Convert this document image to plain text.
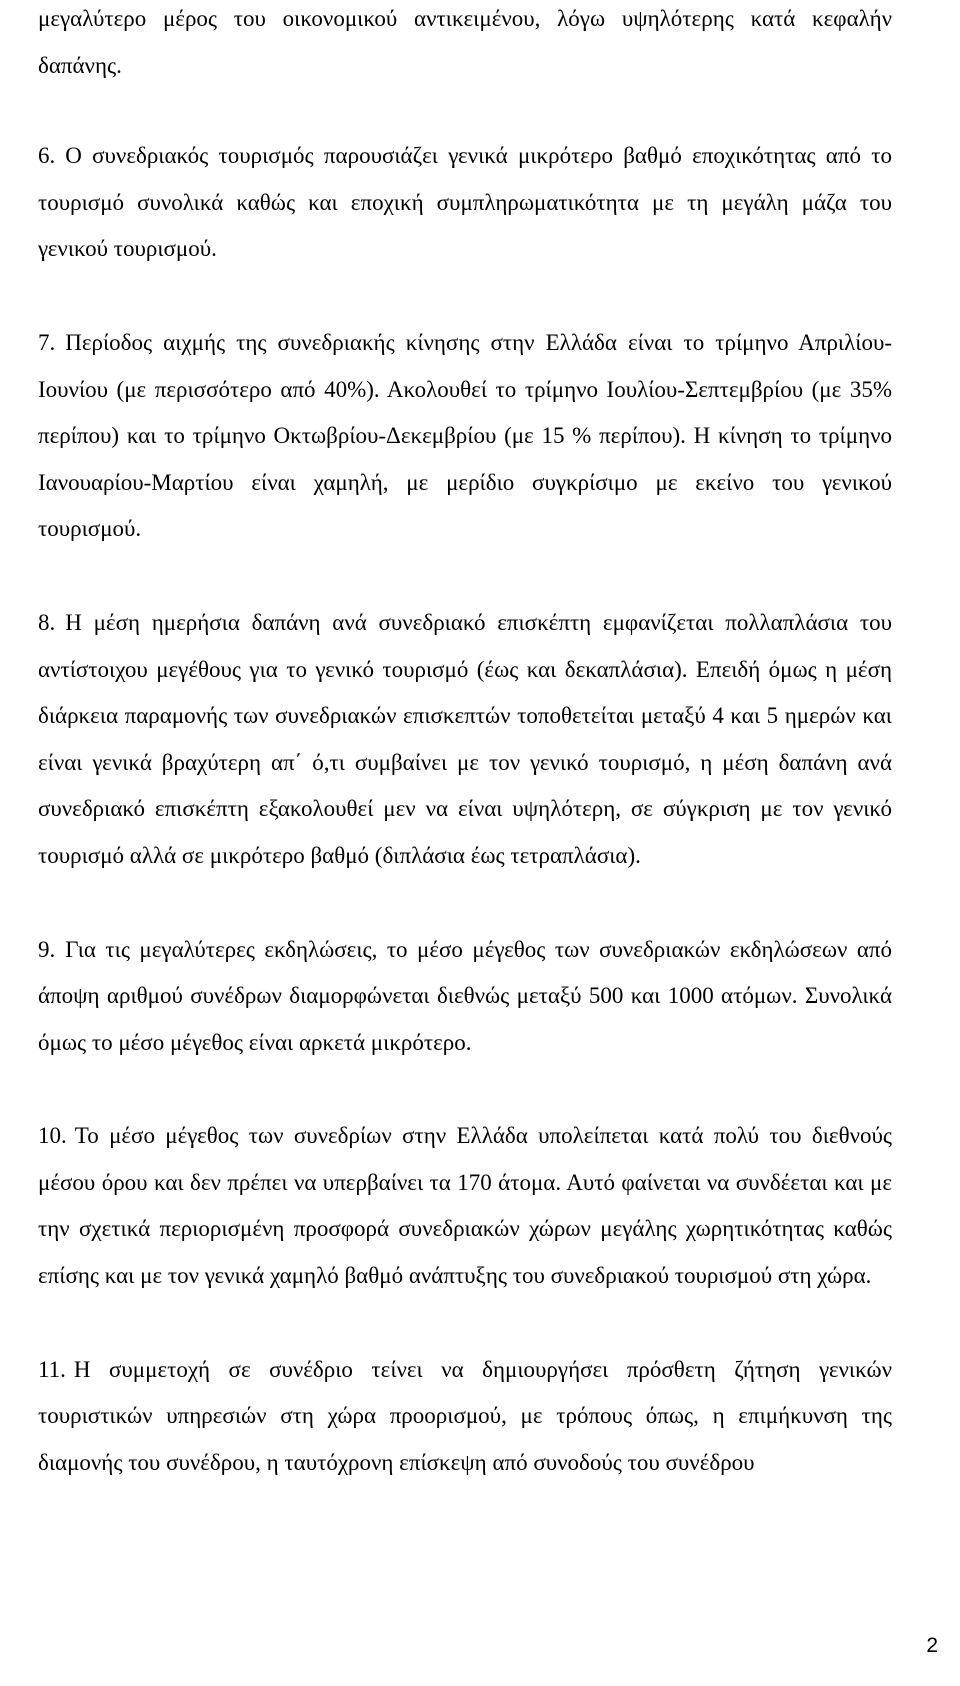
μεγαλύτερο μέρος του οικονομικού αντικειμένου, λόγω υψηλότερης κατά κεφαλήν δαπάνης.

6. Ο συνεδριακός τουρισμός παρουσιάζει γενικά μικρότερο βαθμό εποχικότητας από το τουρισμό συνολικά καθώς και εποχική συμπληρωματικότητα με τη μεγάλη μάζα του γενικού τουρισμού.

7. Περίοδος αιχμής της συνεδριακής κίνησης στην Ελλάδα είναι το τρίμηνο Απριλίου-Ιουνίου (με περισσότερο από 40%). Ακολουθεί το τρίμηνο Ιουλίου-Σεπτεμβρίου (με 35% περίπου) και το τρίμηνο Οκτωβρίου-Δεκεμβρίου (με 15 % περίπου). Η κίνηση το τρίμηνο Ιανουαρίου-Μαρτίου είναι χαμηλή, με μερίδιο συγκρίσιμο με εκείνο του γενικού τουρισμού.

8. Η μέση ημερήσια δαπάνη ανά συνεδριακό επισκέπτη εμφανίζεται πολλαπλάσια του αντίστοιχου μεγέθους για το γενικό τουρισμό (έως και δεκαπλάσια). Επειδή όμως η μέση διάρκεια παραμονής των συνεδριακών επισκεπτών τοποθετείται μεταξύ 4 και 5 ημερών και είναι γενικά βραχύτερη απ΄ ό,τι συμβαίνει με τον γενικό τουρισμό, η μέση δαπάνη ανά συνεδριακό επισκέπτη εξακολουθεί μεν να είναι υψηλότερη, σε σύγκριση με τον γενικό τουρισμό αλλά σε μικρότερο βαθμό (διπλάσια έως τετραπλάσια).

9. Για τις μεγαλύτερες εκδηλώσεις, το μέσο μέγεθος των συνεδριακών εκδηλώσεων από άποψη αριθμού συνέδρων διαμορφώνεται διεθνώς μεταξύ 500 και 1000 ατόμων. Συνολικά όμως το μέσο μέγεθος είναι αρκετά μικρότερο.

10. Το μέσο μέγεθος των συνεδρίων στην Ελλάδα υπολείπεται κατά πολύ του διεθνούς μέσου όρου και δεν πρέπει να υπερβαίνει τα 170 άτομα. Αυτό φαίνεται να συνδέεται και με την σχετικά περιορισμένη προσφορά συνεδριακών χώρων μεγάλης χωρητικότητας καθώς επίσης και με τον γενικά χαμηλό βαθμό ανάπτυξης του συνεδριακού τουρισμού στη χώρα.

11. Η συμμετοχή σε συνέδριο τείνει να δημιουργήσει πρόσθετη ζήτηση γενικών τουριστικών υπηρεσιών στη χώρα προορισμού, με τρόπους όπως, η επιμήκυνση της διαμονής του συνέδρου, η ταυτόχρονη επίσκεψη από συνοδούς του συνέδρου

2
